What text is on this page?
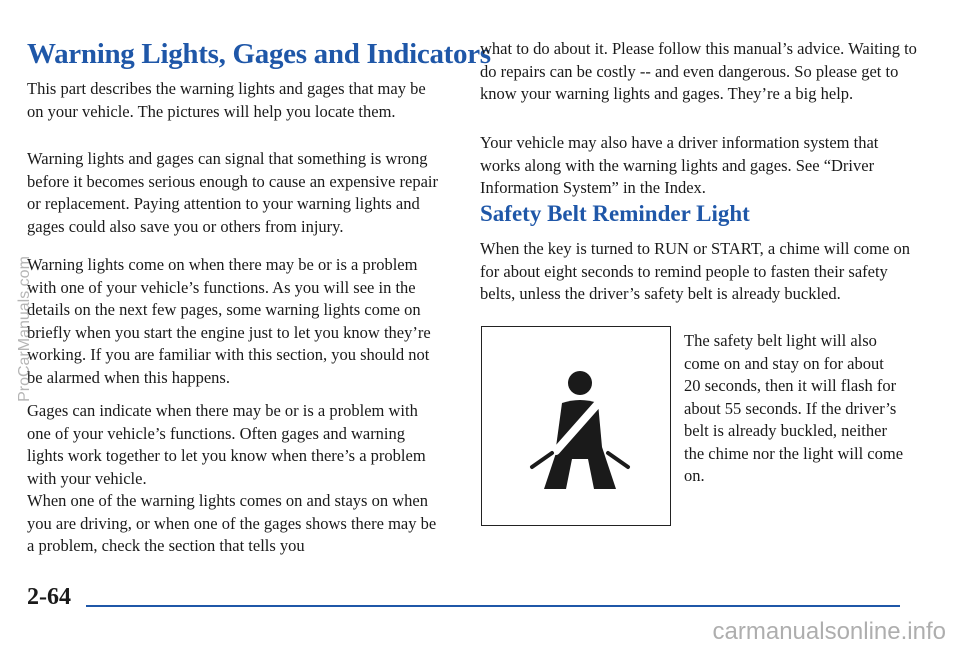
Warning Lights, Gages and Indicators

This part describes the warning lights and gages that may be on your vehicle. The pictures will help you locate them.

Warning lights and gages can signal that something is wrong before it becomes serious enough to cause an expensive repair or replacement. Paying attention to your warning lights and gages could also save you or others from injury.

Warning lights come on when there may be or is a problem with one of your vehicle’s functions. As you will see in the details on the next few pages, some warning lights come on briefly when you start the engine just to let you know they’re working. If you are familiar with this section, you should not be alarmed when this happens.

Gages can indicate when there may be or is a problem with one of your vehicle’s functions. Often gages and warning lights work together to let you know when there’s a problem with your vehicle.

When one of the warning lights comes on and stays on when you are driving, or when one of the gages shows there may be a problem, check the section that tells you

what to do about it. Please follow this manual’s advice. Waiting to do repairs can be costly -- and even dangerous. So please get to know your warning lights and gages. They’re a big help.

Your vehicle may also have a driver information system that works along with the warning lights and gages. See “Driver Information System” in the Index.

Safety Belt Reminder Light

When the key is turned to RUN or START, a chime will come on for about eight seconds to remind people to fasten their safety belts, unless the driver’s safety belt is already buckled.

The safety belt light will also come on and stay on for about 20 seconds, then it will flash for about 55 seconds. If the driver’s belt is already buckled, neither the chime nor the light will come on.
2-64
ProCarManuals.com
carmanualsonline.info
